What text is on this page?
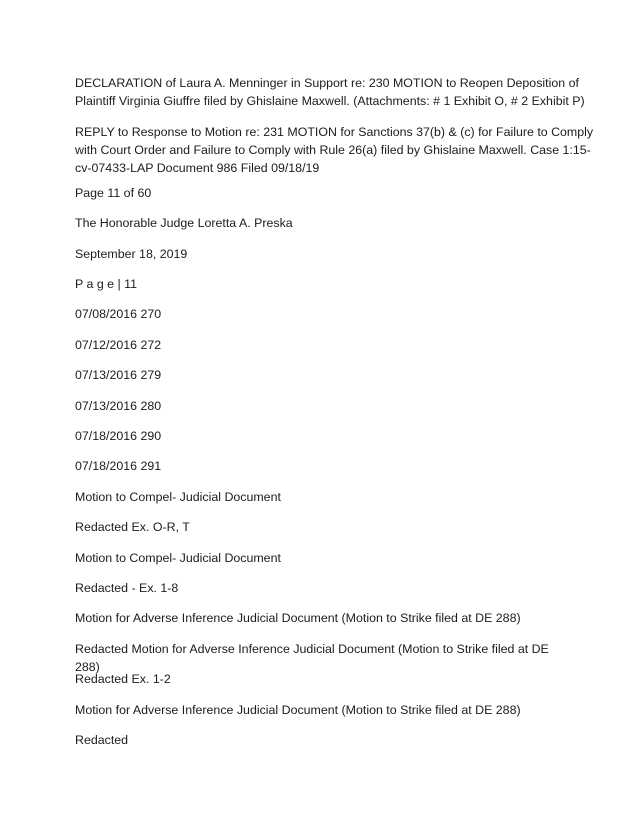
DECLARATION of Laura A. Menninger in Support re: 230 MOTION to Reopen Deposition of
Plaintiff Virginia Giuffre filed by Ghislaine Maxwell. (Attachments: # 1 Exhibit O, # 2 Exhibit P)

REPLY to Response to Motion re: 231 MOTION for Sanctions 37(b) & (c) for Failure to Comply
with Court Order and Failure to Comply with Rule 26(a) filed by Ghislaine Maxwell. Case 1:15-
cv-07433-LAP Document 986 Filed 09/18/19

Page 11 of 60

The Honorable Judge Loretta A. Preska

September 18, 2019

P a g e | 11

07/08/2016 270

07/12/2016 272

07/13/2016 279

07/13/2016 280

07/18/2016 290

07/18/2016 291

Motion to Compel- Judicial Document

Redacted Ex. O-R, T

Motion to Compel- Judicial Document

Redacted - Ex. 1-8

Motion for Adverse Inference Judicial Document (Motion to Strike filed at DE 288)

Redacted Motion for Adverse Inference Judicial Document (Motion to Strike filed at DE 288)

Redacted Ex. 1-2

Motion for Adverse Inference Judicial Document (Motion to Strike filed at DE 288)

Redacted
